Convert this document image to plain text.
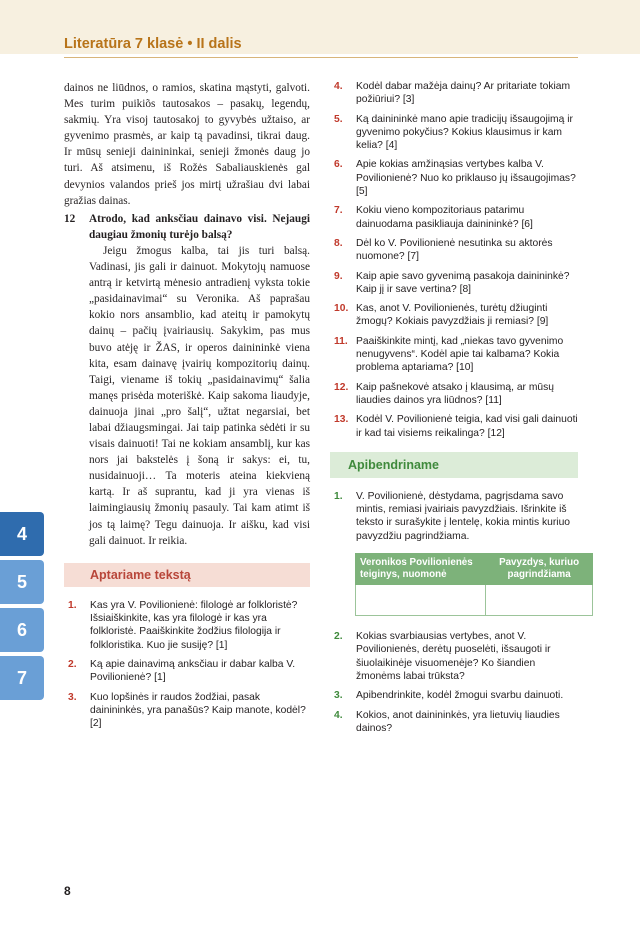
Literatūra 7 klasė • II dalis

dainos ne liūdnos, o ramios, skatina mąstyti, galvoti. Mes turim puikiõs tautosakos – pasakų, legendų, sakmių. Yra visoj tautosakoj to gyvybės užtaiso, ar gyvenimo prasmės, ar kaip tą pavadinsi, tikrai daug. Ir mūsų senieji dainininkai, senieji žmonės daug jo turi. Aš atsimenu, iš Rožės Sabaliauskienės gal devynios valandos prieš jos mirtį užrašiau dvi labai gražias dainas.

12 Atrodo, kad anksčiau dainavo visi. Nejaugi daugiau žmonių turėjo balsą?

Jeigu žmogus kalba, tai jis turi balsą. Vadinasi, jis gali ir dainuot. Mokytojų namuose antrą ir ketvirtą mėnesio antradienį vyksta tokie „pasidainavimai“ su Veronika. Aš paprašau kokio nors ansamblio, kad ateitų ir pamokytų dainų – pačių įvairiausių. Sakykim, pas mus buvo atėję ir ŽAS, ir operos dainininkė viena kita, esam dainavę įvairių kompozitorių dainų. Taigi, viename iš tokių „pasidainavimų“ šalia manęs prisėda moteriškė. Kaip sakoma liaudyje, dainuoja jinai „pro šalį“, užtat negarsiai, bet labai džiaugsmingai. Jai taip patinka sėdėti ir su visais dainuoti! Tai ne kokiam ansamblį, kur kas nors jai bakstelės į šoną ir sakys: ei, tu, nusidainuoji… Ta moteris ateina kiekvieną kartą. Ir aš suprantu, kad ji yra vienas iš laimingiausių žmonių pasauly. Tai kam atimt iš jos tą laimę? Tegu dainuoja. Ir aišku, kad visi gali dainuot. Ir reikia.

Aptariame tekstą
1. Kas yra V. Povilionienė: filologė ar folkloristė? Išsiaiškinkite, kas yra filologė ir kas yra folkloristė. Paaiškinkite žodžius filologija ir folkloristika. Kuo jie susiję? [1]
2. Ką apie dainavimą anksčiau ir dabar kalba V. Povilionienė? [1]
3. Kuo lopšinės ir raudos žodžiai, pasak dainininkės, yra panašūs? Kaip manote, kodėl? [2]
4. Kodėl dabar mažėja dainų? Ar pritariate tokiam požiūriui? [3]
5. Ką dainininkė mano apie tradicijų išsaugojimą ir gyvenimo pokyčius? Kokius klausimus ir kam kelia? [4]
6. Apie kokias amžinąsias vertybes kalba V. Povilionienė? Nuo ko priklauso jų išsaugojimas? [5]
7. Kokiu vieno kompozitoriaus patarimu dainuodama pasikliauja dainininkė? [6]
8. Dėl ko V. Povilionienė nesutinka su aktorės nuomone? [7]
9. Kaip apie savo gyvenimą pasakoja dainininkė? Kaip jį ir save vertina? [8]
10. Kas, anot V. Povilionienės, turėtų džiuginti žmogų? Kokiais pavyzdžiais ji remiasi? [9]
11. Paaiškinkite mintį, kad „niekas tavo gyvenimo nenugyvens“. Kodėl apie tai kalbama? Kokia problema aptariama? [10]
12. Kaip pašnekovė atsako į klausimą, ar mūsų liaudies dainos yra liūdnos? [11]
13. Kodėl V. Povilionienė teigia, kad visi gali dainuoti ir kad tai visiems reikalinga? [12]
Apibendriname
1. V. Povilionienė, dėstydama, pagrįsdama savo mintis, remiasi įvairiais pavyzdžiais. Išrinkite iš teksto ir surašykite į lentelę, kokia mintis kuriuo pavyzdžiu pagrindžiama.
Veronikos Povilionienės teiginys, nuomonė	Pavyzdys, kuriuo pagrindžiama

2. Kokias svarbiausias vertybes, anot V. Povilionienės, derėtų puoselėti, išsaugoti ir šiuolaikinėje visuomenėje? Ko šiandien žmonėms labai trūksta?
3. Apibendrinkite, kodėl žmogui svarbu dainuoti.
4. Kokios, anot dainininkės, yra lietuvių liaudies dainos?
4
5
6
7
8
